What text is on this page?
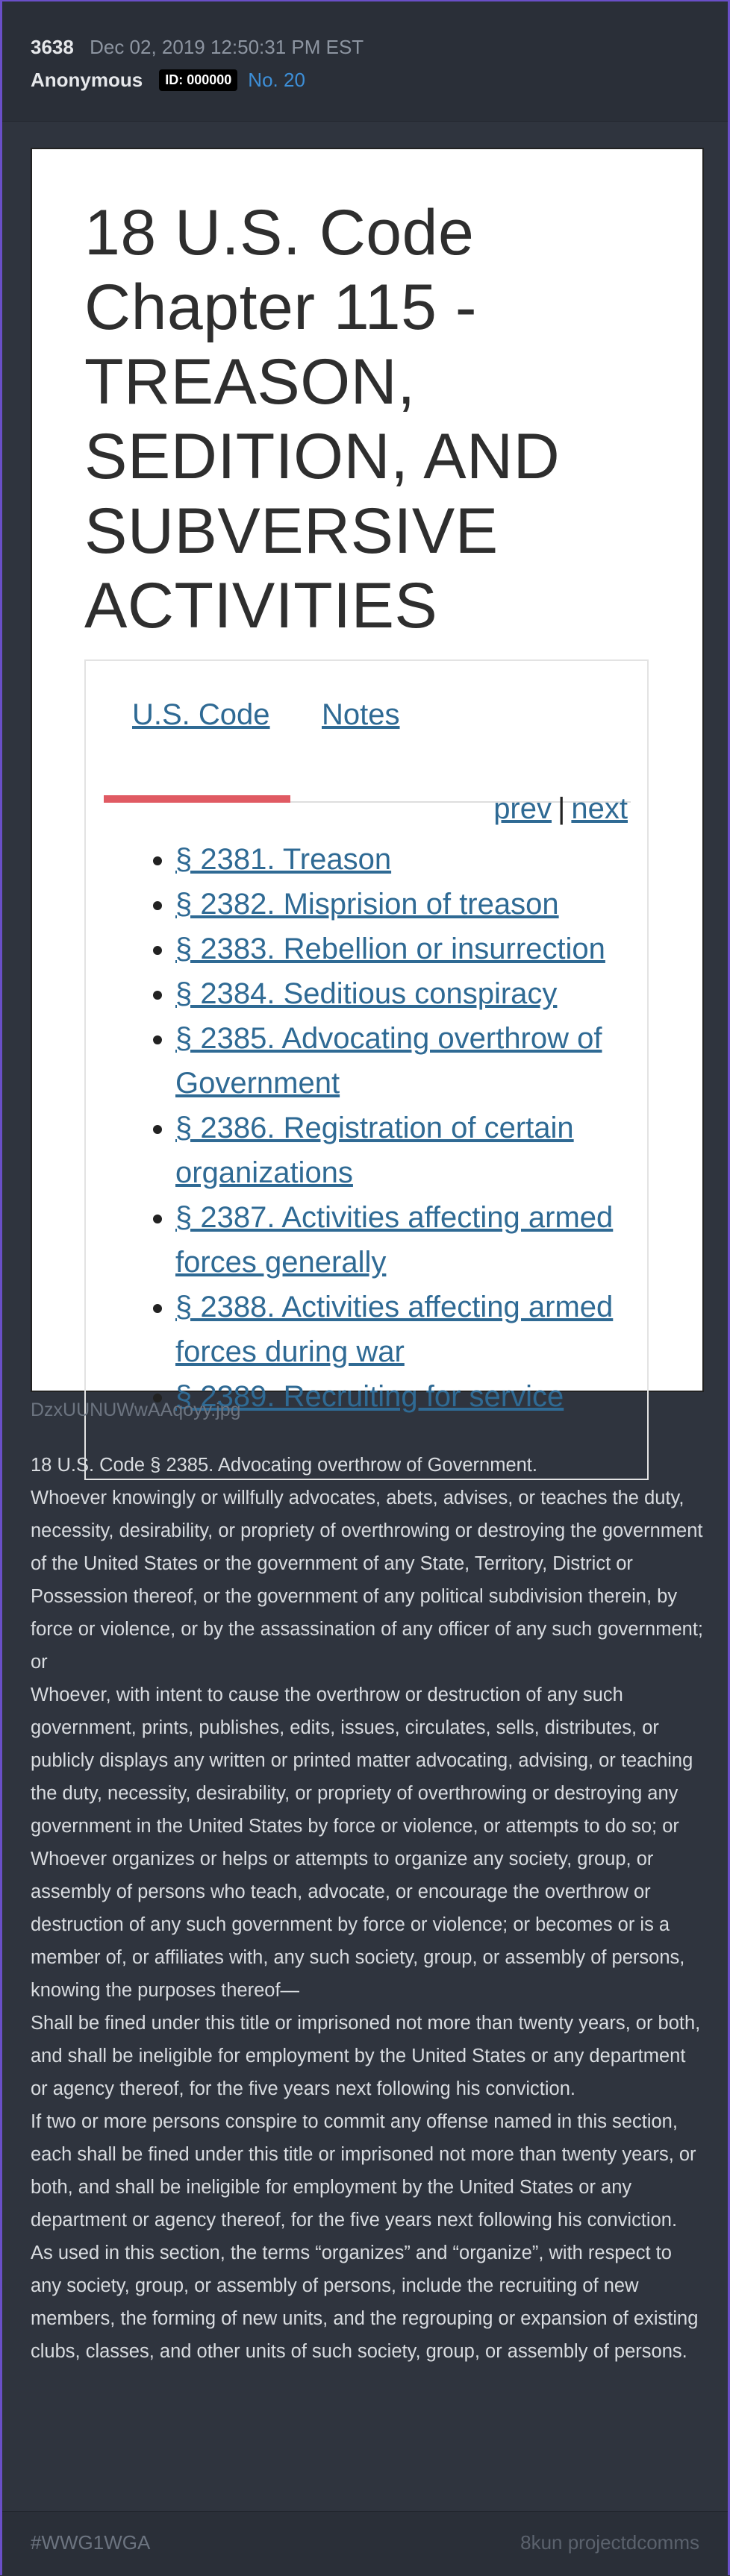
3638 Dec 02, 2019 12:50:31 PM EST
Anonymous	ID: 000000 No. 20
18 U.S. Code Chapter 115 - TREASON, SEDITION, AND SUBVERSIVE ACTIVITIES
U.S. Code Notes
prev | next
• § 2381. Treason
• § 2382. Misprision of treason
• § 2383. Rebellion or insurrection
• § 2384. Seditious conspiracy
• § 2385. Advocating overthrow of Government
• § 2386. Registration of certain organizations
• § 2387. Activities affecting armed forces generally
• § 2388. Activities affecting armed forces during war
• § 2389. Recruiting for service
DzxUUNUWwAAqoyy.jpg

18 U.S. Code § 2385. Advocating overthrow of Government.

Whoever knowingly or willfully advocates, abets, advises, or teaches the duty, necessity, desirability, or propriety of overthrowing or destroying the government of the United States or the government of any State, Territory, District or Possession thereof, or the government of any political subdivision therein, by force or violence, or by the assassination of any officer of any such government; or

Whoever, with intent to cause the overthrow or destruction of any such government, prints, publishes, edits, issues, circulates, sells, distributes, or publicly displays any written or printed matter advocating, advising, or teaching the duty, necessity, desirability, or propriety of overthrowing or destroying any government in the United States by force or violence, or attempts to do so; or

Whoever organizes or helps or attempts to organize any society, group, or assembly of persons who teach, advocate, or encourage the overthrow or destruction of any such government by force or violence; or becomes or is a member of, or affiliates with, any such society, group, or assembly of persons, knowing the purposes thereof—

Shall be fined under this title or imprisoned not more than twenty years, or both, and shall be ineligible for employment by the United States or any department or agency thereof, for the five years next following his conviction.

If two or more persons conspire to commit any offense named in this section, each shall be fined under this title or imprisoned not more than twenty years, or both, and shall be ineligible for employment by the United States or any department or agency thereof, for the five years next following his conviction.

As used in this section, the terms “organizes” and “organize”, with respect to any society, group, or assembly of persons, include the recruiting of new members, the forming of new units, and the regrouping or expansion of existing clubs, classes, and other units of such society, group, or assembly of persons.

#WWG1WGA	8kun projectdcomms
